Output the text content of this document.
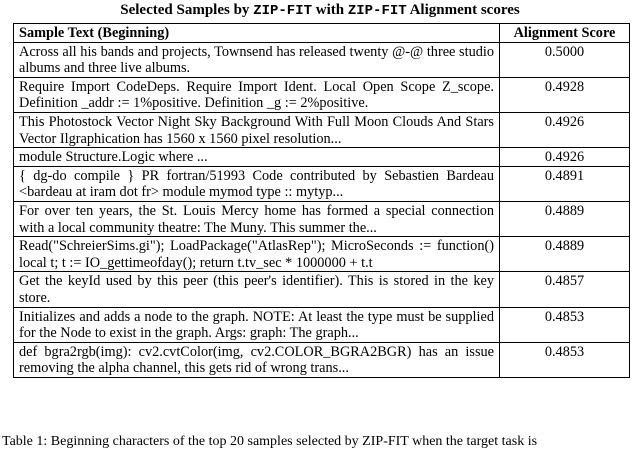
Selected Samples by ZIP-FIT with ZIP-FIT Alignment scores
Sample Text (Beginning)	Alignment Score
Across all his bands and projects, Townsend has released twenty @-@ three studio albums and three live albums.	0.5000
Require Import CodeDeps. Require Import Ident. Local Open Scope Z_scope. Definition _addr := 1%positive. Definition _g := 2%positive.	0.4928
This Photostock Vector Night Sky Background With Full Moon Clouds And Stars Vector Ilgraphication has 1560 x 1560 pixel resolution...	0.4926
module Structure.Logic where ...	0.4926
{ dg-do compile } PR fortran/51993 Code contributed by Sebastien Bardeau <bardeau at iram dot fr> module mymod type :: mytyp...	0.4891
For over ten years, the St. Louis Mercy home has formed a special connection with a local community theatre: The Muny. This summer the...	0.4889
Read("SchreierSims.gi"); LoadPackage("AtlasRep"); MicroSeconds := function() local t; t := IO_gettimeofday(); return t.tv_sec * 1000000 + t.t	0.4889
Get the keyId used by this peer (this peer's identifier). This is stored in the key store.	0.4857
Initializes and adds a node to the graph. NOTE: At least the type must be supplied for the Node to exist in the graph. Args: graph: The graph...	0.4853
def bgra2rgb(img): cv2.cvtColor(img, cv2.COLOR_BGRA2BGR) has an issue removing the alpha channel, this gets rid of wrong trans...	0.4853
Table 1: Beginning characters of the top 20 samples selected by ZIP-FIT when the target task is
